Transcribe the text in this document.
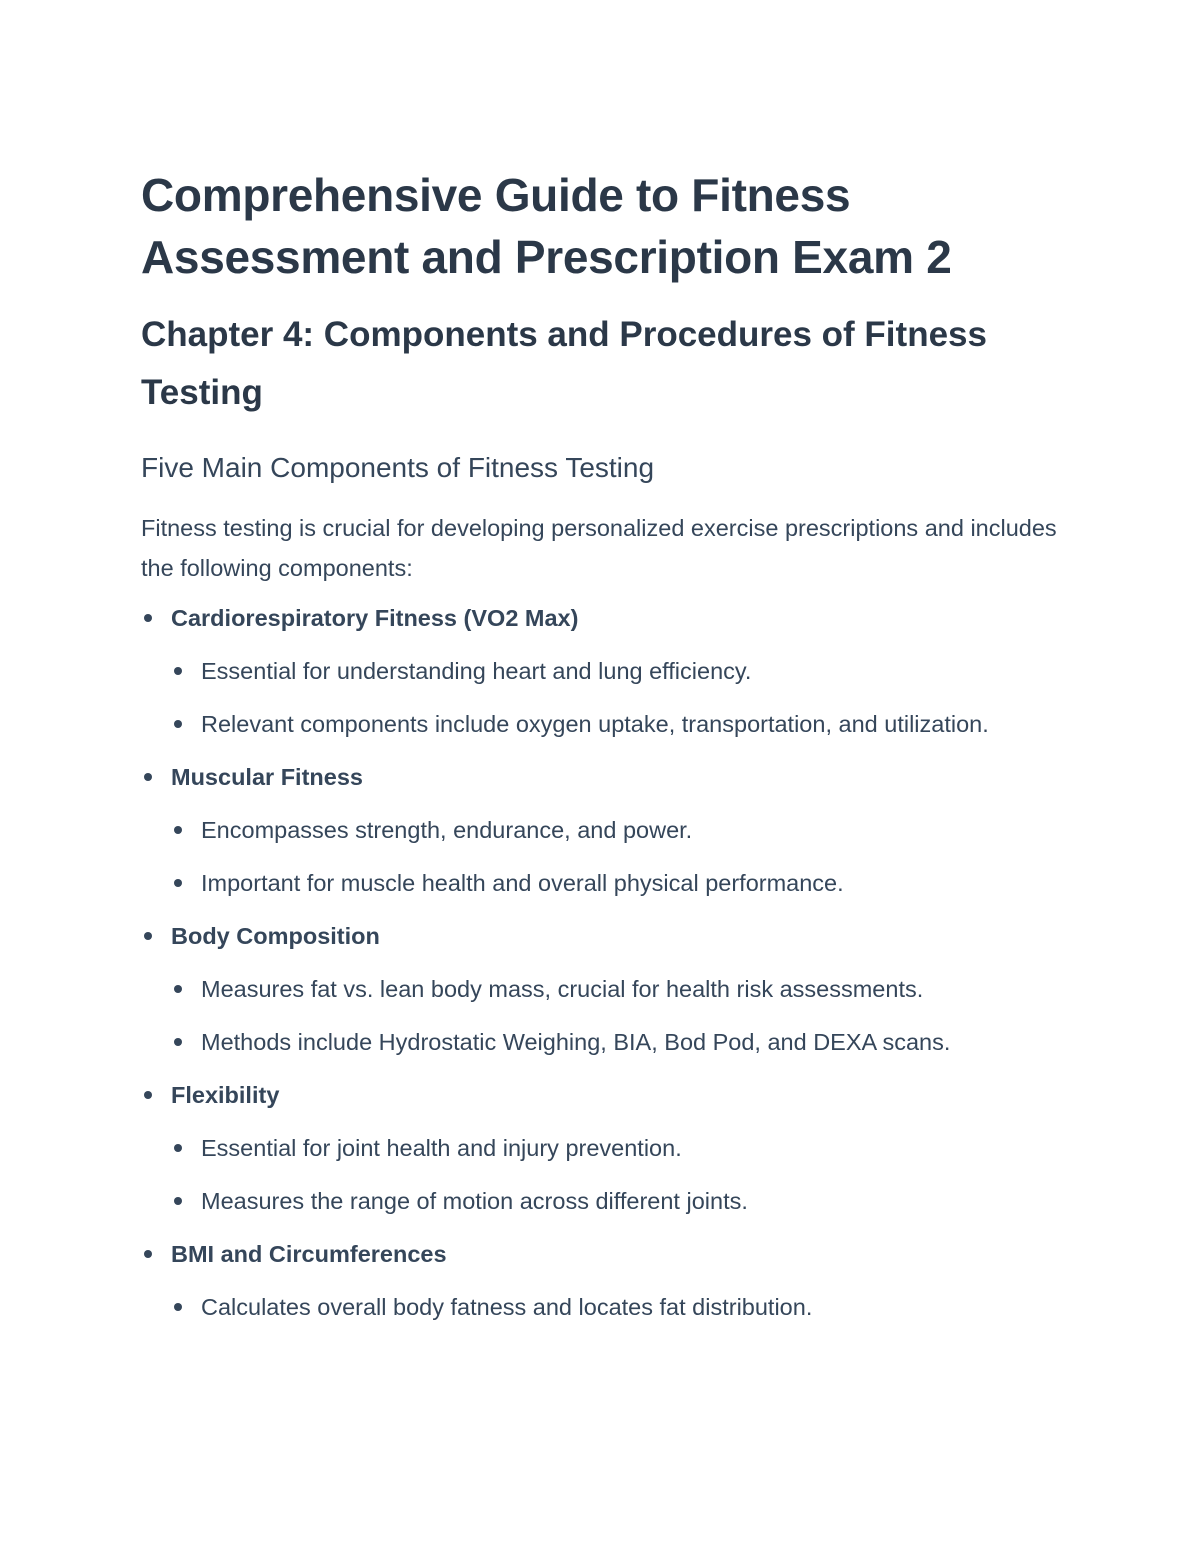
Comprehensive Guide to Fitness Assessment and Prescription Exam 2
Chapter 4: Components and Procedures of Fitness Testing
Five Main Components of Fitness Testing

Fitness testing is crucial for developing personalized exercise prescriptions and includes the following components:

Cardiorespiratory Fitness (VO2 Max)
Essential for understanding heart and lung efficiency.
Relevant components include oxygen uptake, transportation, and utilization.
Muscular Fitness
Encompasses strength, endurance, and power.
Important for muscle health and overall physical performance.
Body Composition
Measures fat vs. lean body mass, crucial for health risk assessments.
Methods include Hydrostatic Weighing, BIA, Bod Pod, and DEXA scans.
Flexibility
Essential for joint health and injury prevention.
Measures the range of motion across different joints.
BMI and Circumferences
Calculates overall body fatness and locates fat distribution.
